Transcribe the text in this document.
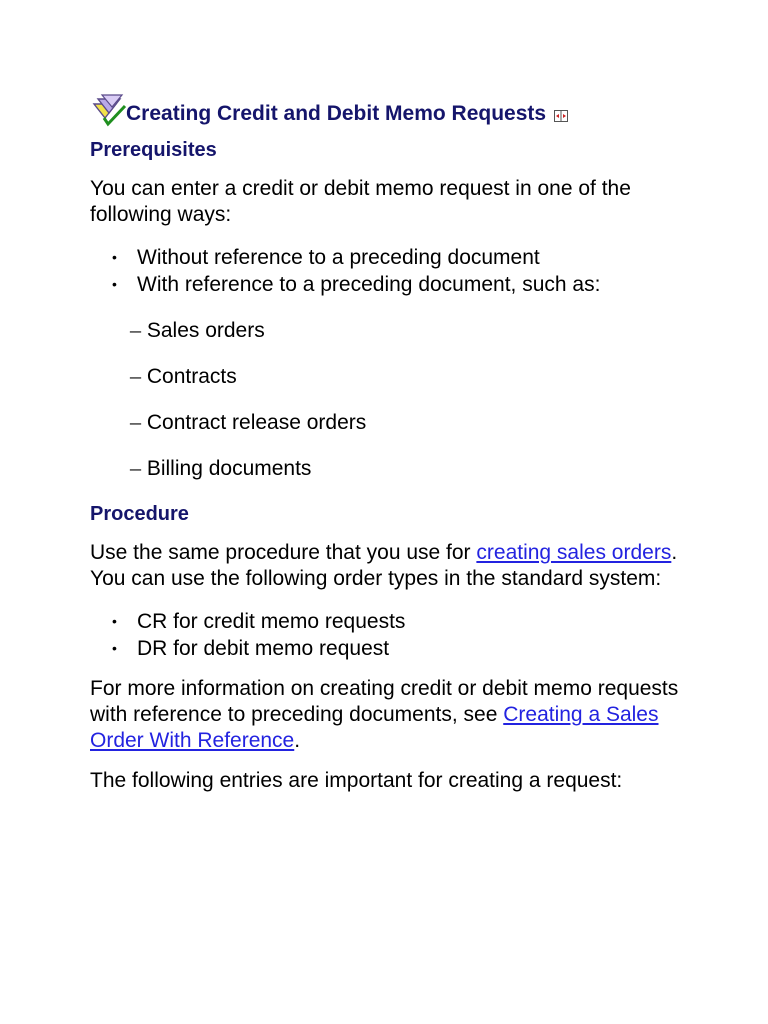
Creating Credit and Debit Memo Requests
Prerequisites

You can enter a credit or debit memo request in one of the following ways:

• Without reference to a preceding document
• With reference to a preceding document, such as:
– Sales orders
– Contracts
– Contract release orders
– Billing documents
Procedure

Use the same procedure that you use for creating sales orders. You can use the following order types in the standard system:

• CR for credit memo requests
• DR for debit memo request

For more information on creating credit or debit memo requests with reference to preceding documents, see Creating a Sales Order With Reference.

The following entries are important for creating a request:
